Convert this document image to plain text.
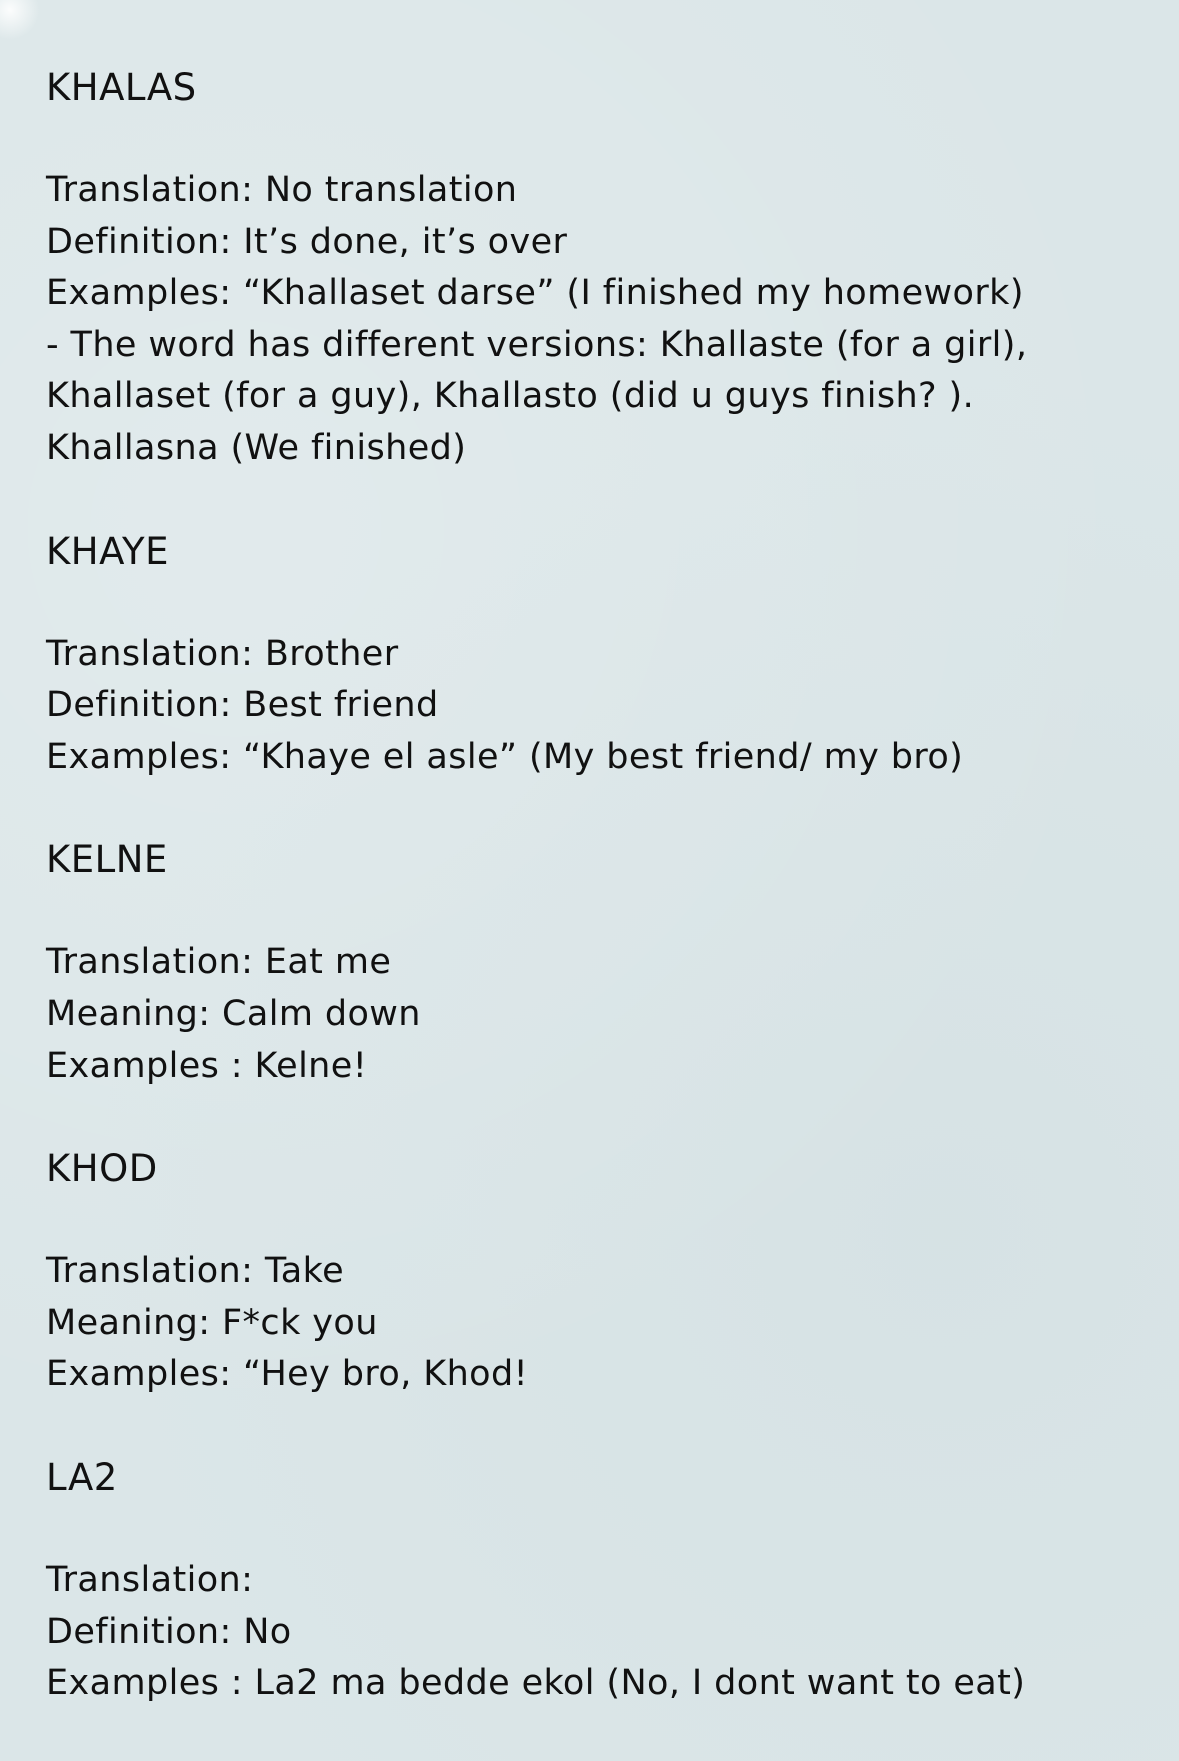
KHALAS
Translation: No translation
Definition: It’s done, it’s over
Examples: “Khallaset darse” (I finished my homework)
- The word has different versions: Khallaste (for a girl),
Khallaset (for a guy), Khallasto (did u guys finish? ).
Khallasna (We finished)
KHAYE
Translation: Brother
Definition: Best friend
Examples: “Khaye el asle” (My best friend/ my bro)
KELNE
Translation: Eat me
Meaning: Calm down
Examples : Kelne!
KHOD
Translation: Take
Meaning: F*ck you
Examples: “Hey bro, Khod!
LA2
Translation:
Definition: No
Examples : La2 ma bedde ekol (No, I dont want to eat)
